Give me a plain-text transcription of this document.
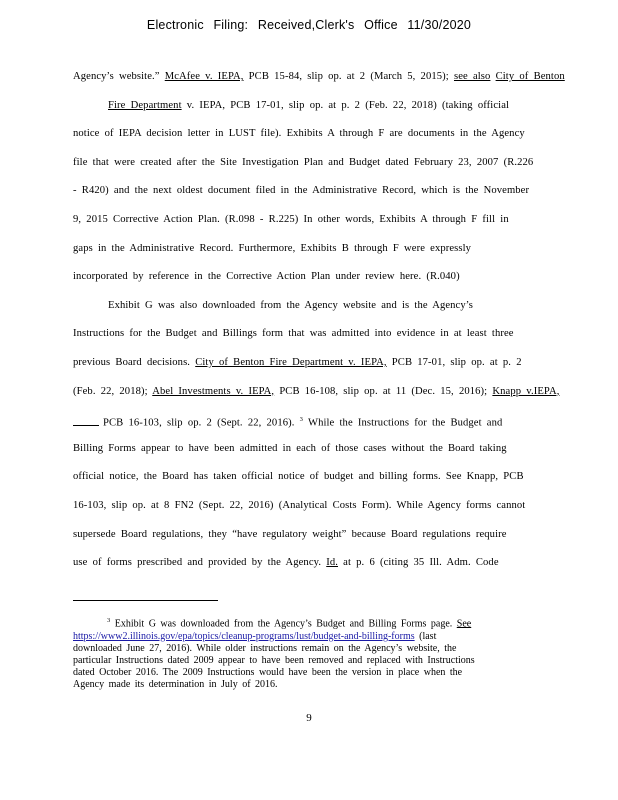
Electronic Filing: Received,Clerk's Office 11/30/2020
Agency’s website.” McAfee v. IEPA, PCB 15-84, slip op. at 2 (March 5, 2015); see also City of Benton
Fire Department v. IEPA, PCB 17-01, slip op. at p. 2 (Feb. 22, 2018) (taking official
notice of IEPA decision letter in LUST file). Exhibits A through F are documents in the Agency
file that were created after the Site Investigation Plan and Budget dated February 23, 2007 (R.226
- R420) and the next oldest document filed in the Administrative Record, which is the November
9, 2015 Corrective Action Plan. (R.098 - R.225) In other words, Exhibits A through F fill in
gaps in the Administrative Record. Furthermore, Exhibits B through F were expressly
incorporated by reference in the Corrective Action Plan under review here. (R.040)
Exhibit G was also downloaded from the Agency website and is the Agency’s
Instructions for the Budget and Billings form that was admitted into evidence in at least three
previous Board decisions. City of Benton Fire Department v. IEPA, PCB 17-01, slip op. at p. 2
(Feb. 22, 2018); Abel Investments v. IEPA, PCB 16-108, slip op. at 11 (Dec. 15, 2016); Knapp v.IEPA,
PCB 16-103, slip op. 2 (Sept. 22, 2016). $^3$ While the Instructions for the Budget and
Billing Forms appear to have been admitted in each of those cases without the Board taking
official notice, the Board has taken official notice of budget and billing forms. See Knapp, PCB
16-103, slip op. at 8 FN2 (Sept. 22, 2016) (Analytical Costs Form). While Agency forms cannot
supersede Board regulations, they “have regulatory weight” because Board regulations require
use of forms prescribed and provided by the Agency. Id. at p. 6 (citing 35 Ill. Adm. Code
$^3$ Exhibit G was downloaded from the Agency’s Budget and Billing Forms page. See
https://www2.illinois.gov/epa/topics/cleanup-programs/lust/budget-and-billing-forms (last
downloaded June 27, 2016). While older instructions remain on the Agency’s website, the
particular Instructions dated 2009 appear to have been removed and replaced with Instructions
dated October 2016. The 2009 Instructions would have been the version in place when the
Agency made its determination in July of 2016.
9
